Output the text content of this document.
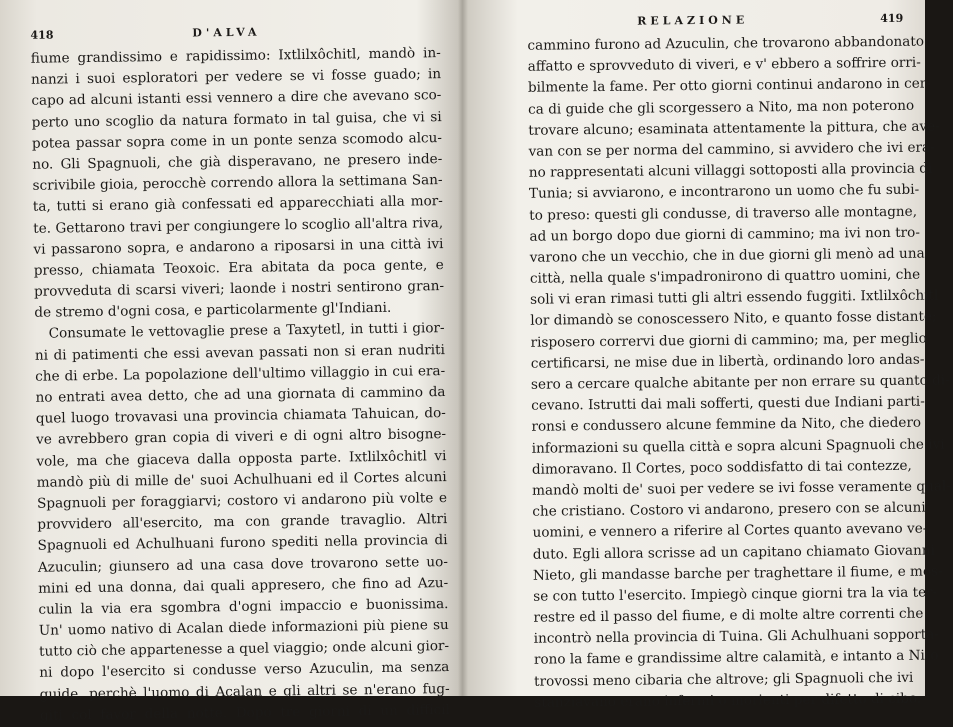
418	D'ALVA
fiume grandissimo e rapidissimo: Ixtlilxôchitl, mandò in-
nanzi i suoi esploratori per vedere se vi fosse guado; in
capo ad alcuni istanti essi vennero a dire che avevano sco-
perto uno scoglio da natura formato in tal guisa, che vi si
potea passar sopra come in un ponte senza scomodo alcu-
no. Gli Spagnuoli, che già disperavano, ne presero inde-
scrivibile gioia, perocchè correndo allora la settimana San-
ta, tutti si erano già confessati ed apparecchiati alla mor-
te. Gettarono travi per congiungere lo scoglio all'altra riva,
vi passarono sopra, e andarono a riposarsi in una città ivi
presso, chiamata Teoxoic. Era abitata da poca gente, e
provveduta di scarsi viveri; laonde i nostri sentirono gran-
de stremo d'ogni cosa, e particolarmente gl'Indiani.
Consumate le vettovaglie prese a Taxytetl, in tutti i gior-
ni di patimenti che essi avevan passati non si eran nudriti
che di erbe. La popolazione dell'ultimo villaggio in cui era-
no entrati avea detto, che ad una giornata di cammino da
quel luogo trovavasi una provincia chiamata Tahuican, do-
ve avrebbero gran copia di viveri e di ogni altro bisogne-
vole, ma che giaceva dalla opposta parte. Ixtlilxôchitl vi
mandò più di mille de' suoi Achulhuani ed il Cortes alcuni
Spagnuoli per foraggiarvi; costoro vi andarono più volte e
provvidero all'esercito, ma con grande travaglio. Altri
Spagnuoli ed Achulhuani furono spediti nella provincia di
Azuculin; giunsero ad una casa dove trovarono sette uo-
mini ed una donna, dai quali appresero, che fino ad Azu-
culin la via era sgombra d'ogni impaccio e buonissima.
Un' uomo nativo di Acalan diede informazioni più piene su
tutto ciò che appartenesse a quel viaggio; onde alcuni gior-
ni dopo l'esercito si condusse verso Azuculin, ma senza
guide, perchè l'uomo di Acalan e gli altri se n'erano fug-
giti col favor della notte. Dopo tre giorni di un difficil
RELAZIONE	419
cammino furono ad Azuculin, che trovarono abbandonato
affatto e sprovveduto di viveri, e v' ebbero a soffrire orri-
bilmente la fame. Per otto giorni continui andarono in cer-
ca di guide che gli scorgessero a Nito, ma non poterono
trovare alcuno; esaminata attentamente la pittura, che ave-
van con se per norma del cammino, si avvidero che ivi era-
no rappresentati alcuni villaggi sottoposti alla provincia di
Tunia; si avviarono, e incontrarono un uomo che fu subi-
to preso: questi gli condusse, di traverso alle montagne,
ad un borgo dopo due giorni di cammino; ma ivi non tro-
varono che un vecchio, che in due giorni gli menò ad una
città, nella quale s'impadronirono di quattro uomini, che
soli vi eran rimasi tutti gli altri essendo fuggiti. Ixtlilxôchitl
lor dimandò se conoscessero Nito, e quanto fosse distante;
risposero corrervi due giorni di cammino; ma, per meglio
certificarsi, ne mise due in libertà, ordinando loro andas-
sero a cercare qualche abitante per non errare su quanto di-
cevano. Istrutti dai mali sofferti, questi due Indiani parti-
ronsi e condussero alcune femmine da Nito, che diedero
informazioni su quella città e sopra alcuni Spagnuoli che ivi
dimoravano. Il Cortes, poco soddisfatto di tai contezze,
mandò molti de' suoi per vedere se ivi fosse veramente qual-
che cristiano. Costoro vi andarono, presero con se alcuni
uomini, e vennero a riferire al Cortes quanto avevano ve-
duto. Egli allora scrisse ad un capitano chiamato Giovanni
Nieto, gli mandasse barche per traghettare il fiume, e mos-
se con tutto l'esercito. Impiegò cinque giorni tra la via ter-
restre ed il passo del fiume, e di molte altre correnti che
incontrò nella provincia di Tuina. Gli Achulhuani sopporta-
rono la fame e grandissime altre calamità, e intanto a Nito
trovossi meno cibaria che altrove; gli Spagnuoli che ivi
stanziavano erano infermi o morienti per difetto di cibo.
